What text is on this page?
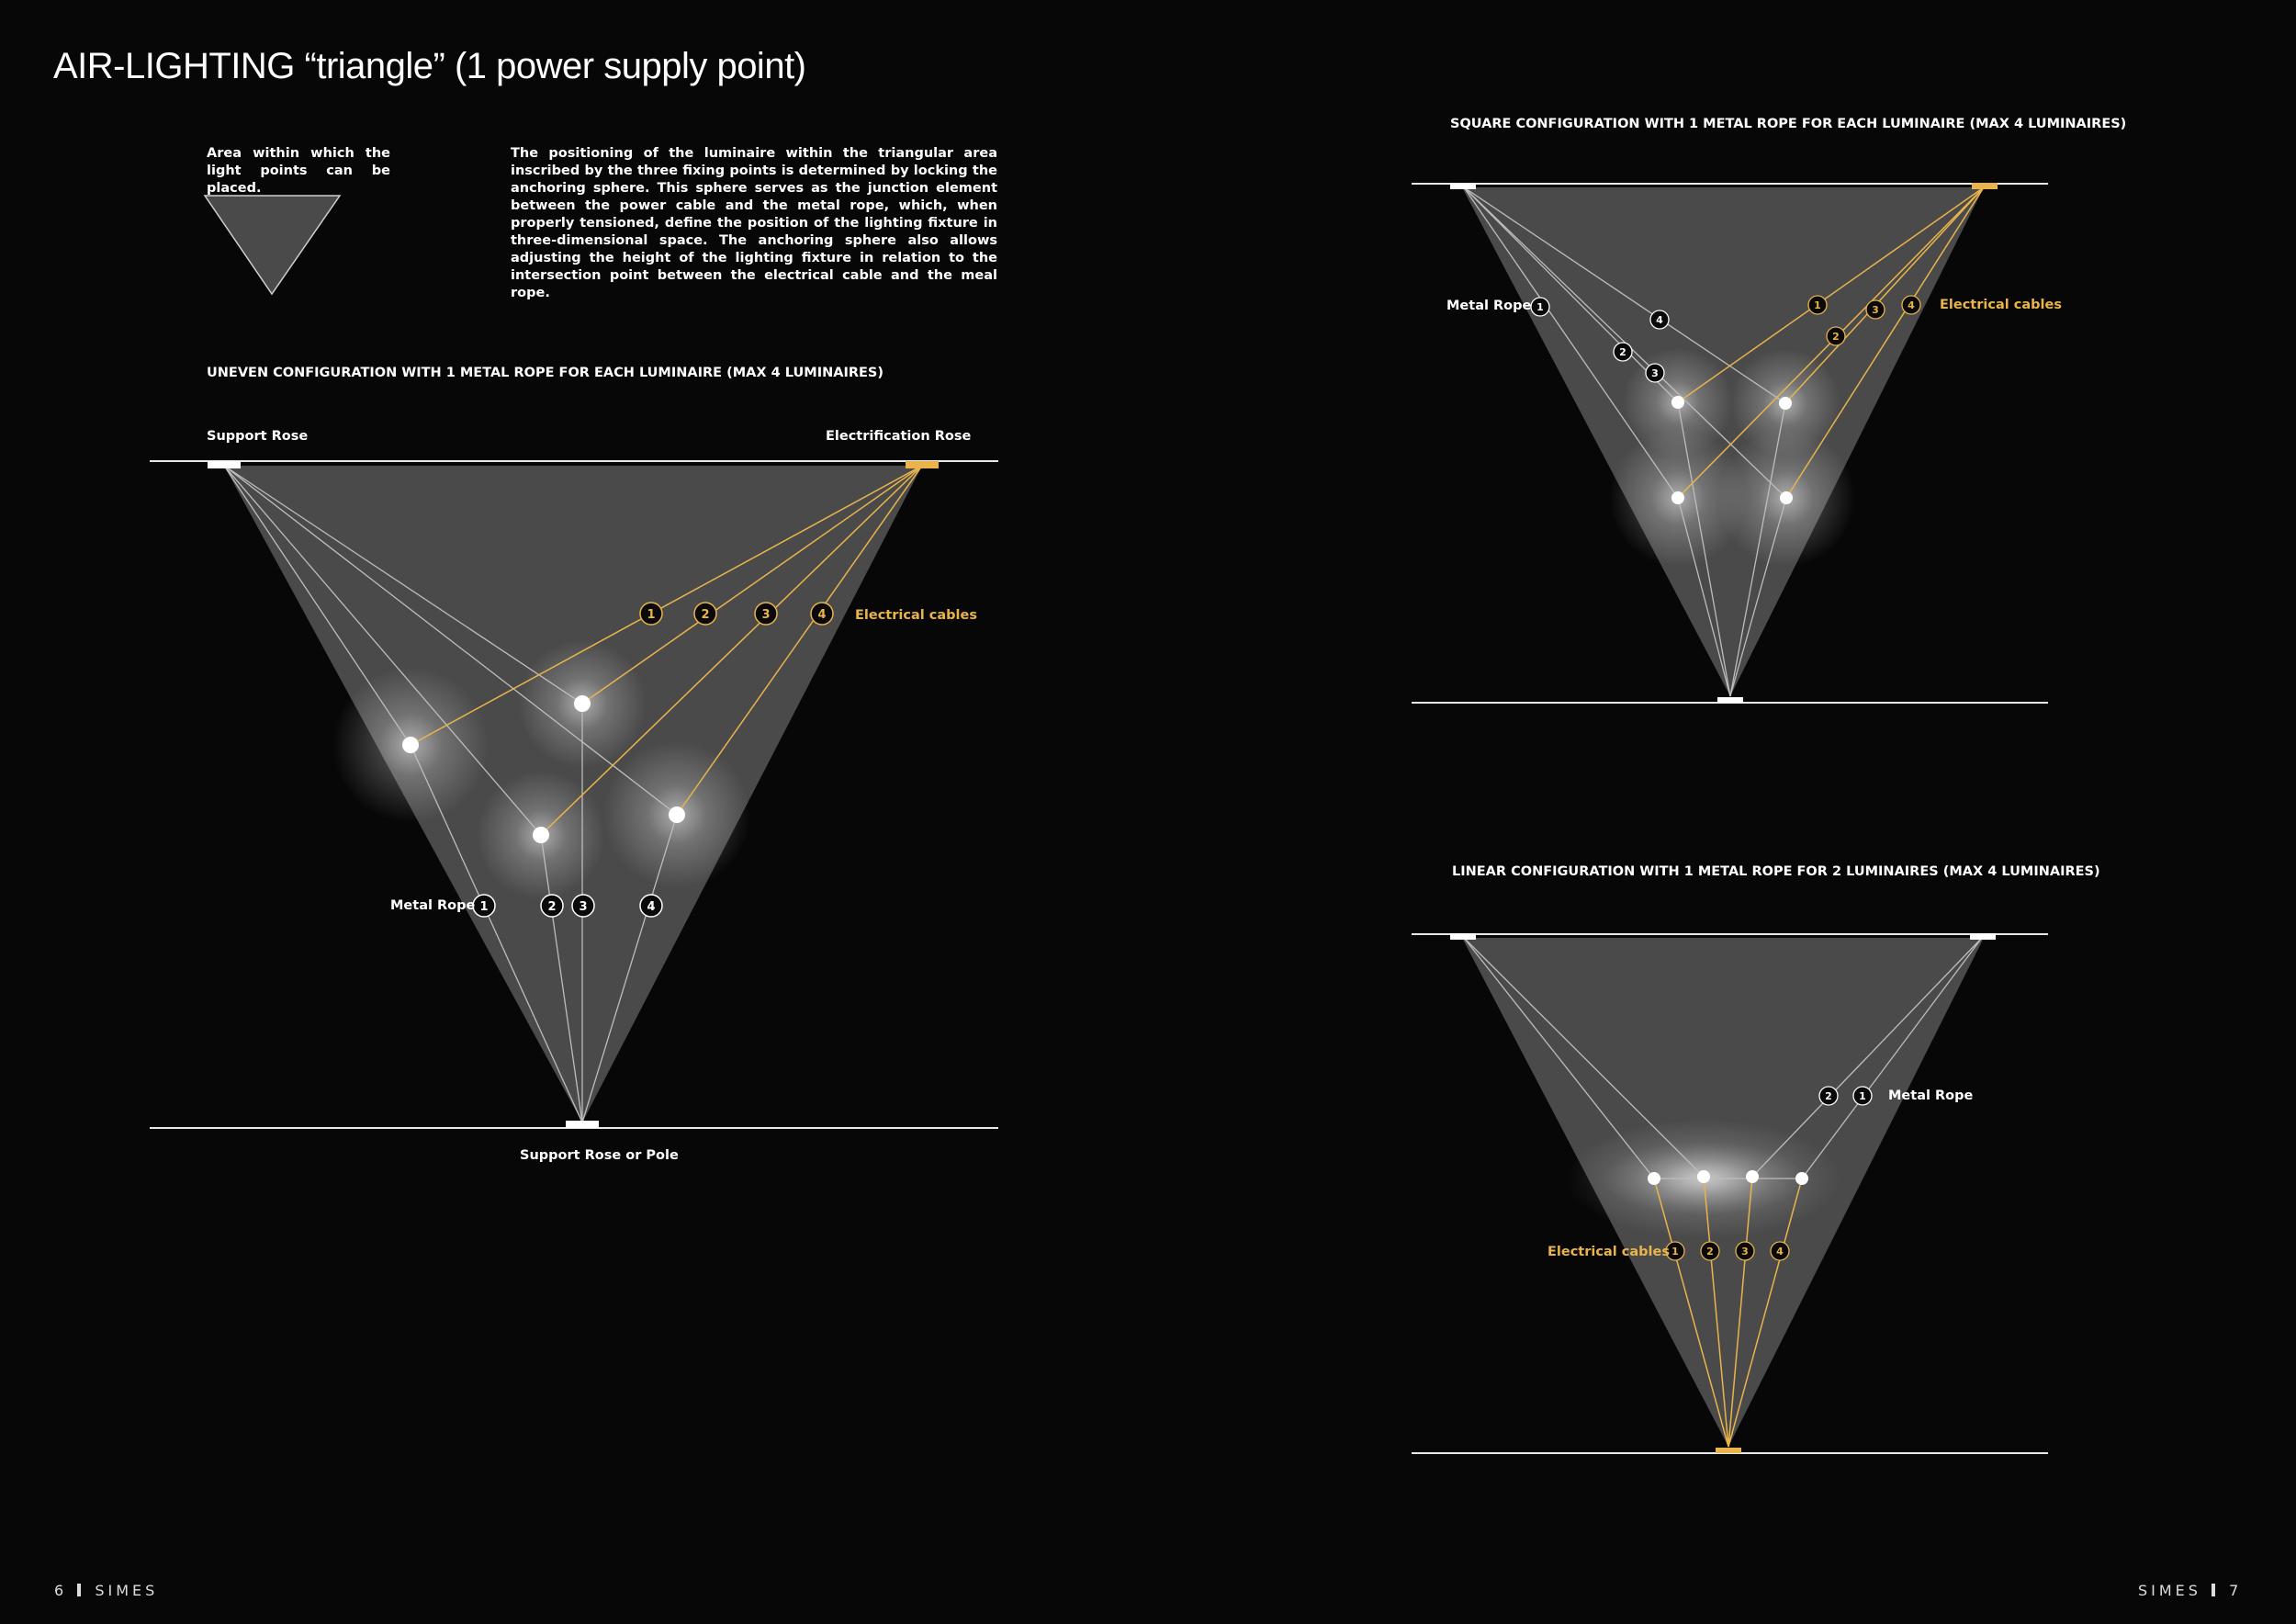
AIR-LIGHTING “triangle” (1 power supply point)
Area within which the light points can be placed.
The positioning of the luminaire within the triangular area inscribed by the three fixing points is determined by locking the anchoring sphere. This sphere serves as the junction element between the power cable and the metal rope, which, when properly tensioned, define the position of the lighting fixture in three-dimensional space. The anchoring sphere also allows adjusting the height of the lighting fixture in relation to the intersection point between the electrical cable and the meal rope.
1	2	3	4
1	2 3	4
1
2
3
4
1
2
3	4
2	1
1	2	3	4
UNEVEN CONFIGURATION WITH 1 METAL ROPE FOR EACH LUMINAIRE (MAX 4 LUMINAIRES)
Support Rose	Electrification Rose
Electrical cables
Metal Rope
Support Rose or Pole
SQUARE CONFIGURATION WITH 1 METAL ROPE FOR EACH LUMINAIRE (MAX 4 LUMINAIRES)
Metal Rope	Electrical cables
LINEAR CONFIGURATION WITH 1 METAL ROPE FOR 2 LUMINAIRES (MAX 4 LUMINAIRES)
Metal Rope
Electrical cables
6 SIMES	SIMES 7
